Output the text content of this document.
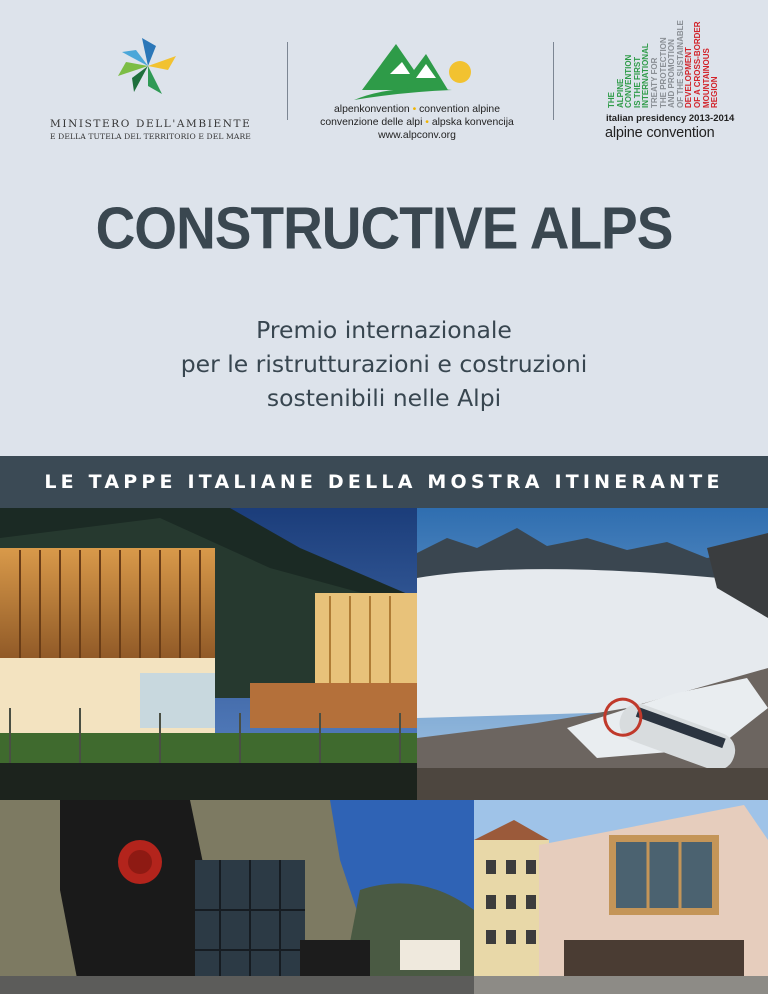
MINISTERO DELL'AMBIENTE
E DELLA TUTELA DEL TERRITORIO E DEL MARE
alpenkonvention • convention alpine
convenzione delle alpi • alpska konvencija
www.alpconv.org
THE ALPINE CONVENTION IS THE FIRST INTERNATIONAL TREATY FOR THE PROTECTION AND PROMOTION OF THE SUSTAINABLE DEVELOPMENT OF A CROSS-BORDER MOUNTAINOUS REGION
italian presidency 2013-2014
alpine convention
CONSTRUCTIVE ALPS
Premio internazionale
per le ristrutturazioni e costruzioni
sostenibili nelle Alpi
LE TAPPE ITALIANE DELLA MOSTRA ITINERANTE
